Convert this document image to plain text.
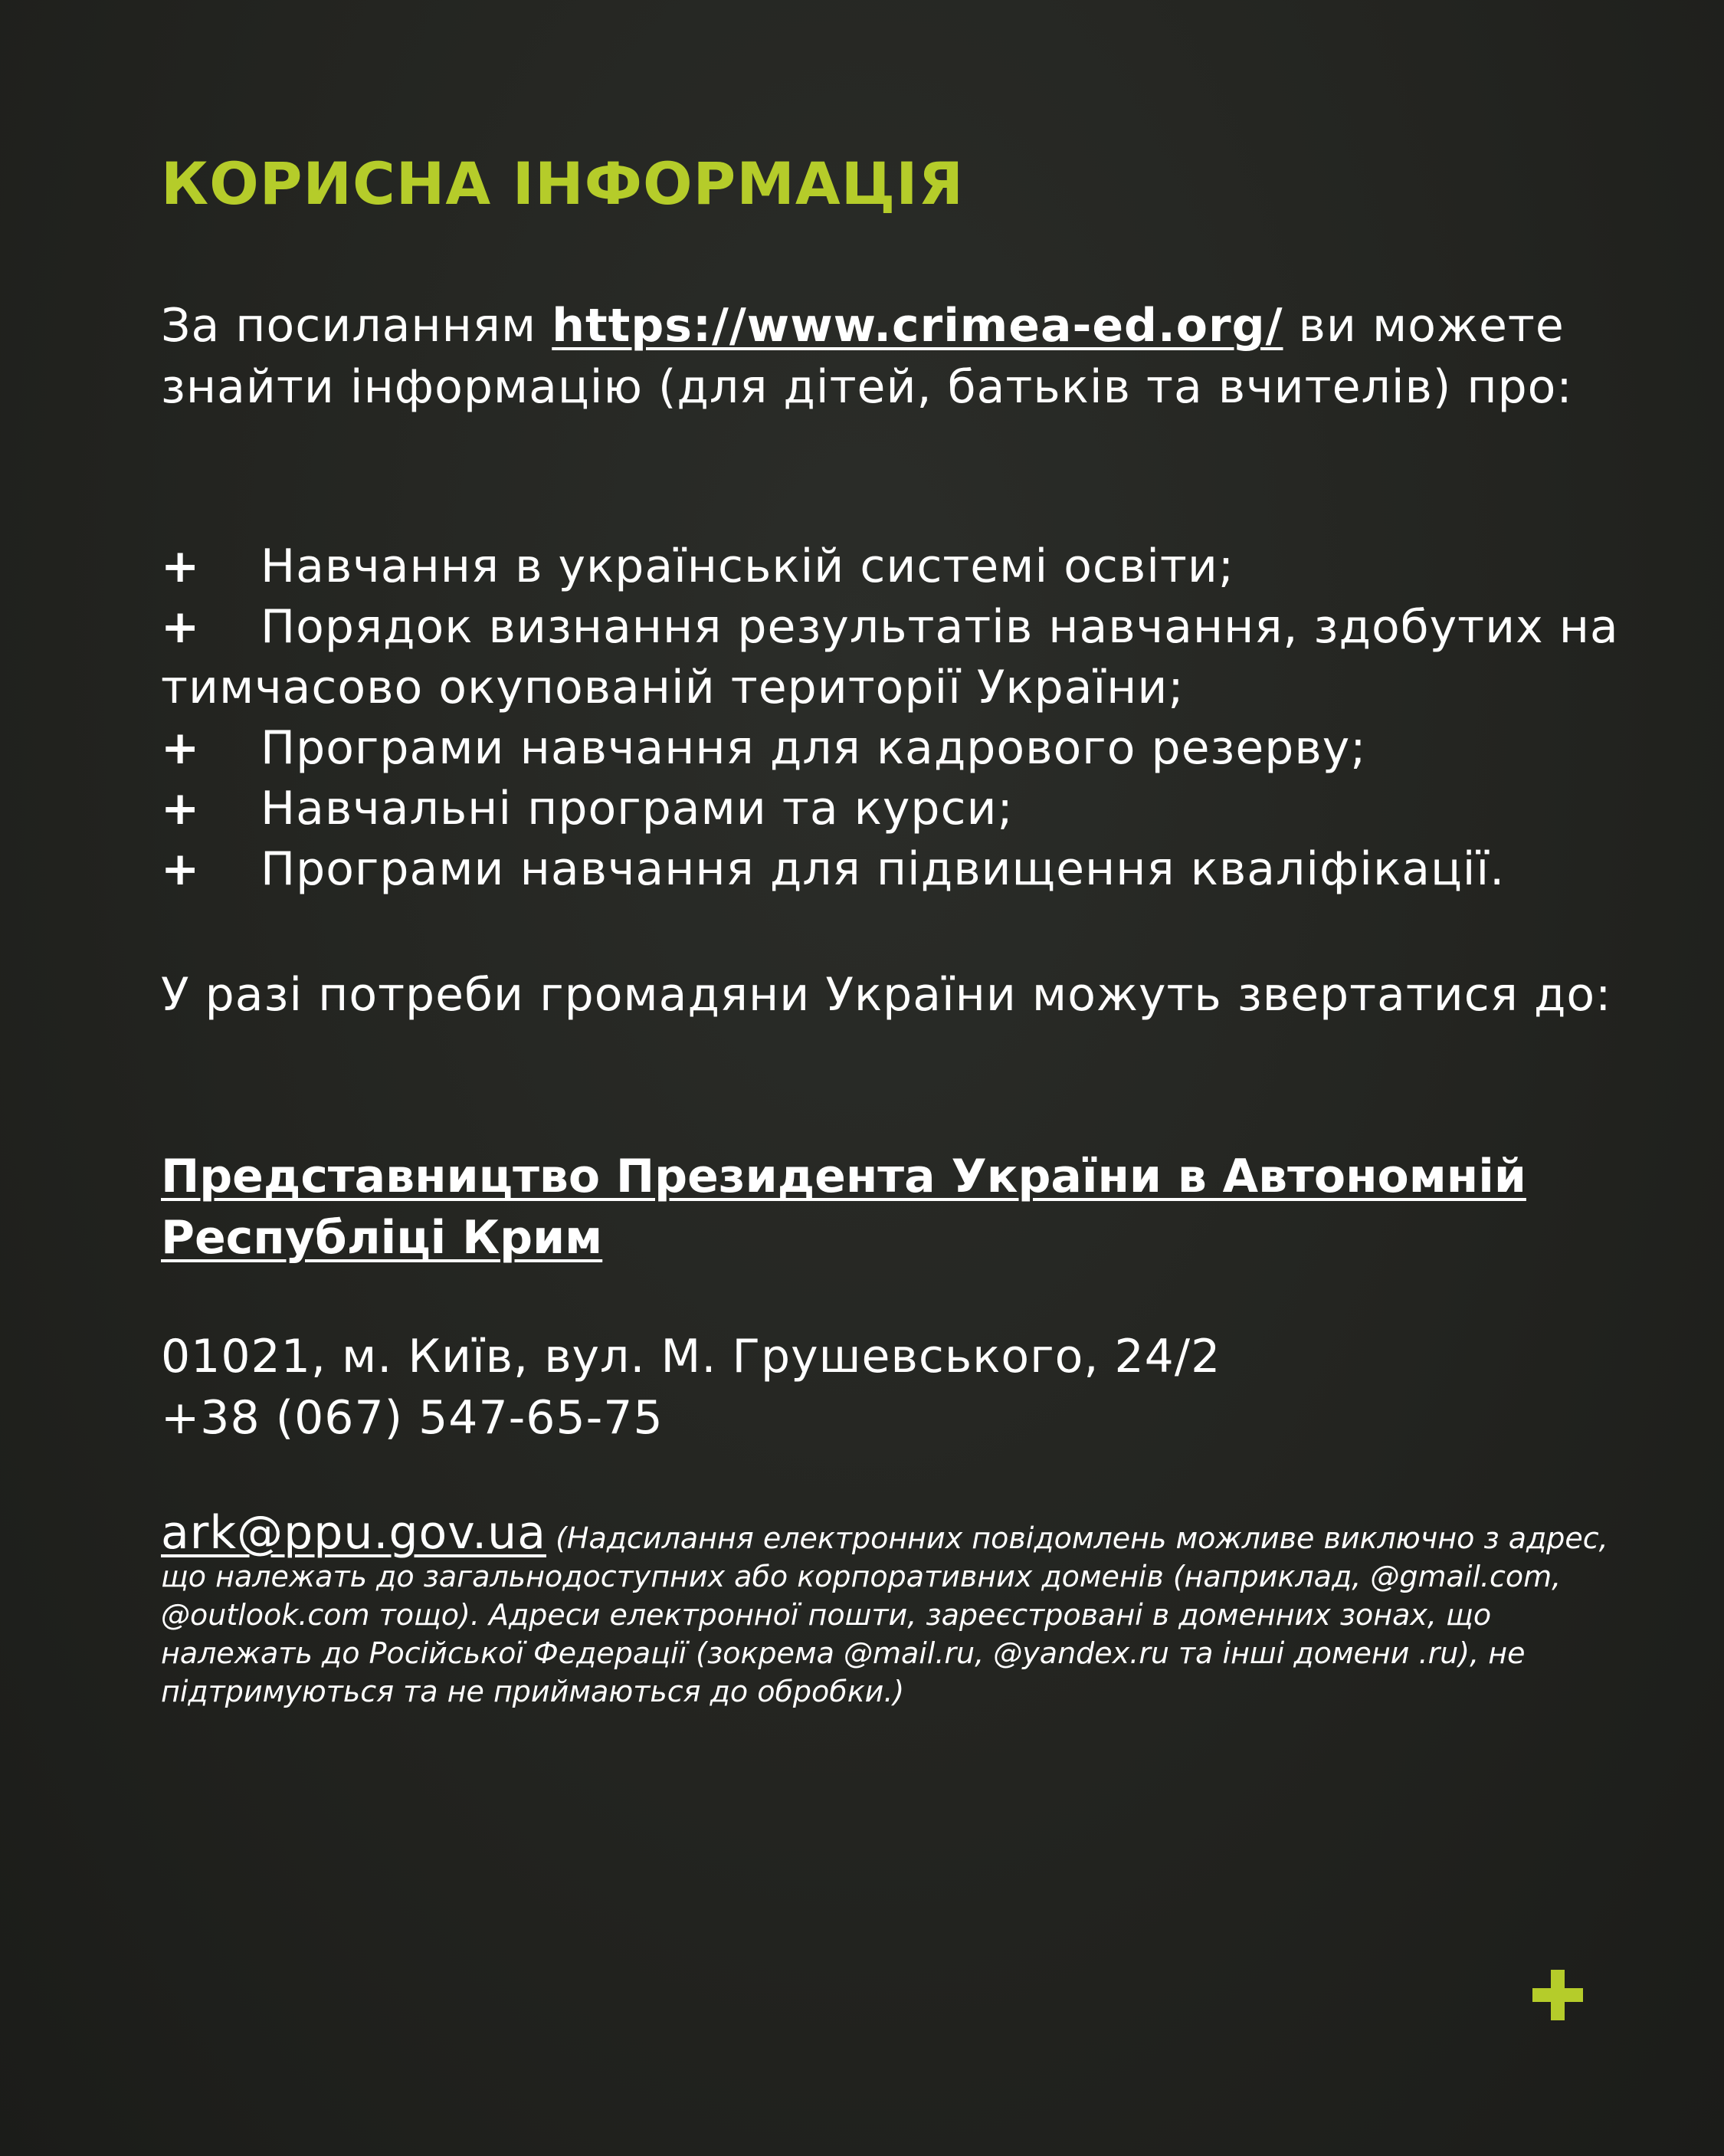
КОРИСНА ІНФОРМАЦІЯ

За посиланням https://www.crimea-ed.org/ ви можете знайти інформацію (для дітей, батьків та вчителів) про:

+ Навчання в українській системі освіти;
+ Порядок визнання результатів навчання, здобутих на тимчасово окупованій території України;
+ Програми навчання для кадрового резерву;
+ Навчальні програми та курси;
+ Програми навчання для підвищення кваліфікації.

У разі потреби громадяни України можуть звертатися до:

Представництво Президента України в Автономній Республіці Крим

01021, м. Київ, вул. М. Грушевського, 24/2
+38 (067) 547-65-75

ark@ppu.gov.ua (Надсилання електронних повідомлень можливе виключно з адрес, що належать до загальнодоступних або корпоративних доменів (наприклад, @gmail.com, @outlook.com тощо). Адреси електронної пошти, зареєстровані в доменних зонах, що належать до Російської Федерації (зокрема @mail.ru, @yandex.ru та інші домени .ru), не підтримуються та не приймаються до обробки.)
